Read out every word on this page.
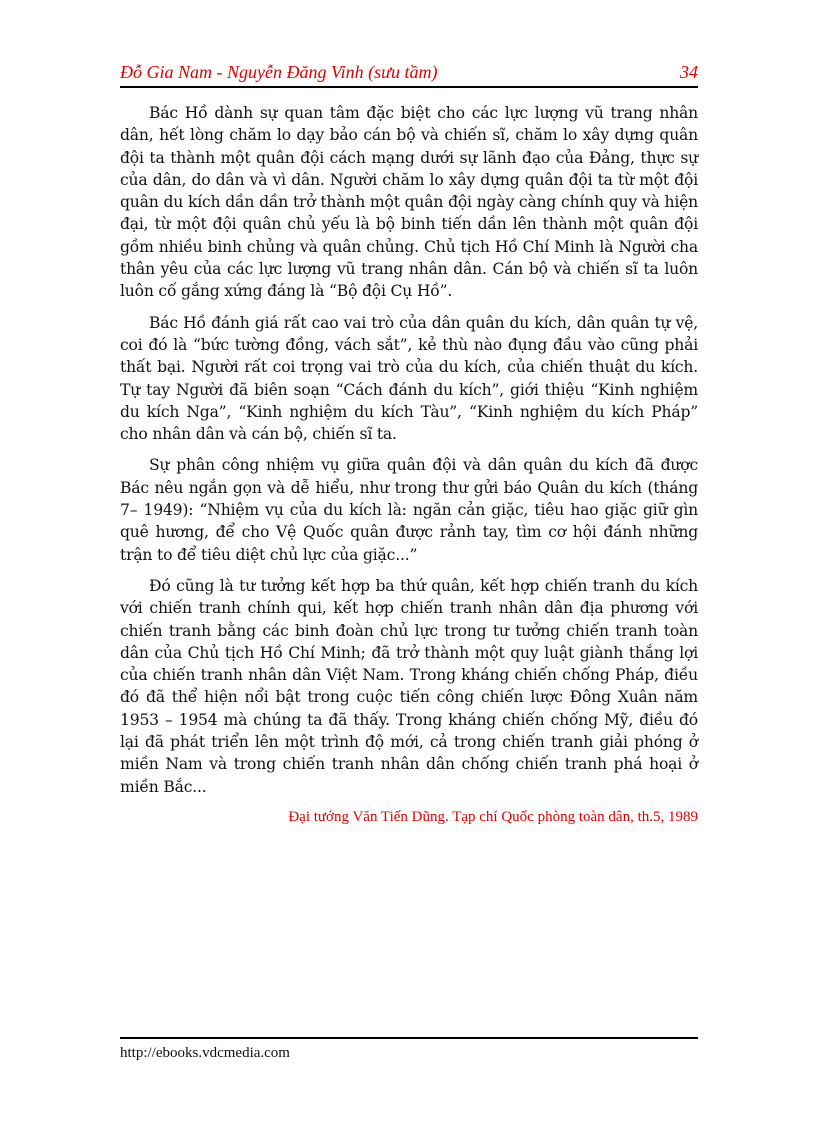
Đỗ Gia Nam - Nguyễn Đăng Vinh (sưu tầm)	34

Bác Hồ dành sự quan tâm đặc biệt cho các lực lượng vũ trang nhân dân, hết lòng chăm lo dạy bảo cán bộ và chiến sĩ, chăm lo xây dựng quân đội ta thành một quân đội cách mạng dưới sự lãnh đạo của Đảng, thực sự của dân, do dân và vì dân. Người chăm lo xây dựng quân đội ta từ một đội quân du kích dần dần trở thành một quân đội ngày càng chính quy và hiện đại, từ một đội quân chủ yếu là bộ binh tiến dần lên thành một quân đội gồm nhiều binh chủng và quân chủng. Chủ tịch Hồ Chí Minh là Người cha thân yêu của các lực lượng vũ trang nhân dân. Cán bộ và chiến sĩ ta luôn luôn cố gắng xứng đáng là “Bộ đội Cụ Hồ”.

Bác Hồ đánh giá rất cao vai trò của dân quân du kích, dân quân tự vệ, coi đó là “bức tường đồng, vách sắt”, kẻ thù nào đụng đầu vào cũng phải thất bại. Người rất coi trọng vai trò của du kích, của chiến thuật du kích. Tự tay Người đã biên soạn “Cách đánh du kích”, giới thiệu “Kinh nghiệm du kích Nga”, “Kinh nghiệm du kích Tàu”, “Kinh nghiệm du kích Pháp” cho nhân dân và cán bộ, chiến sĩ ta.

Sự phân công nhiệm vụ giữa quân đội và dân quân du kích đã được Bác nêu ngắn gọn và dễ hiểu, như trong thư gửi báo Quân du kích (tháng 7– 1949): “Nhiệm vụ của du kích là: ngăn cản giặc, tiêu hao giặc giữ gìn quê hương, để cho Vệ Quốc quân được rảnh tay, tìm cơ hội đánh những trận to để tiêu diệt chủ lực của giặc...”

Đó cũng là tư tưởng kết hợp ba thứ quân, kết hợp chiến tranh du kích với chiến tranh chính qui, kết hợp chiến tranh nhân dân địa phương với chiến tranh bằng các binh đoàn chủ lực trong tư tưởng chiến tranh toàn dân của Chủ tịch Hồ Chí Minh; đã trở thành một quy luật giành thắng lợi của chiến tranh nhân dân Việt Nam. Trong kháng chiến chống Pháp, điều đó đã thể hiện nổi bật trong cuộc tiến công chiến lược Đông Xuân năm 1953 – 1954 mà chúng ta đã thấy. Trong kháng chiến chống Mỹ, điều đó lại đã phát triển lên một trình độ mới, cả trong chiến tranh giải phóng ở miền Nam và trong chiến tranh nhân dân chống chiến tranh phá hoại ở miền Bắc...

Đại tướng Văn Tiến Dũng. Tạp chí Quốc phòng toàn dân, th.5, 1989

http://ebooks.vdcmedia.com
